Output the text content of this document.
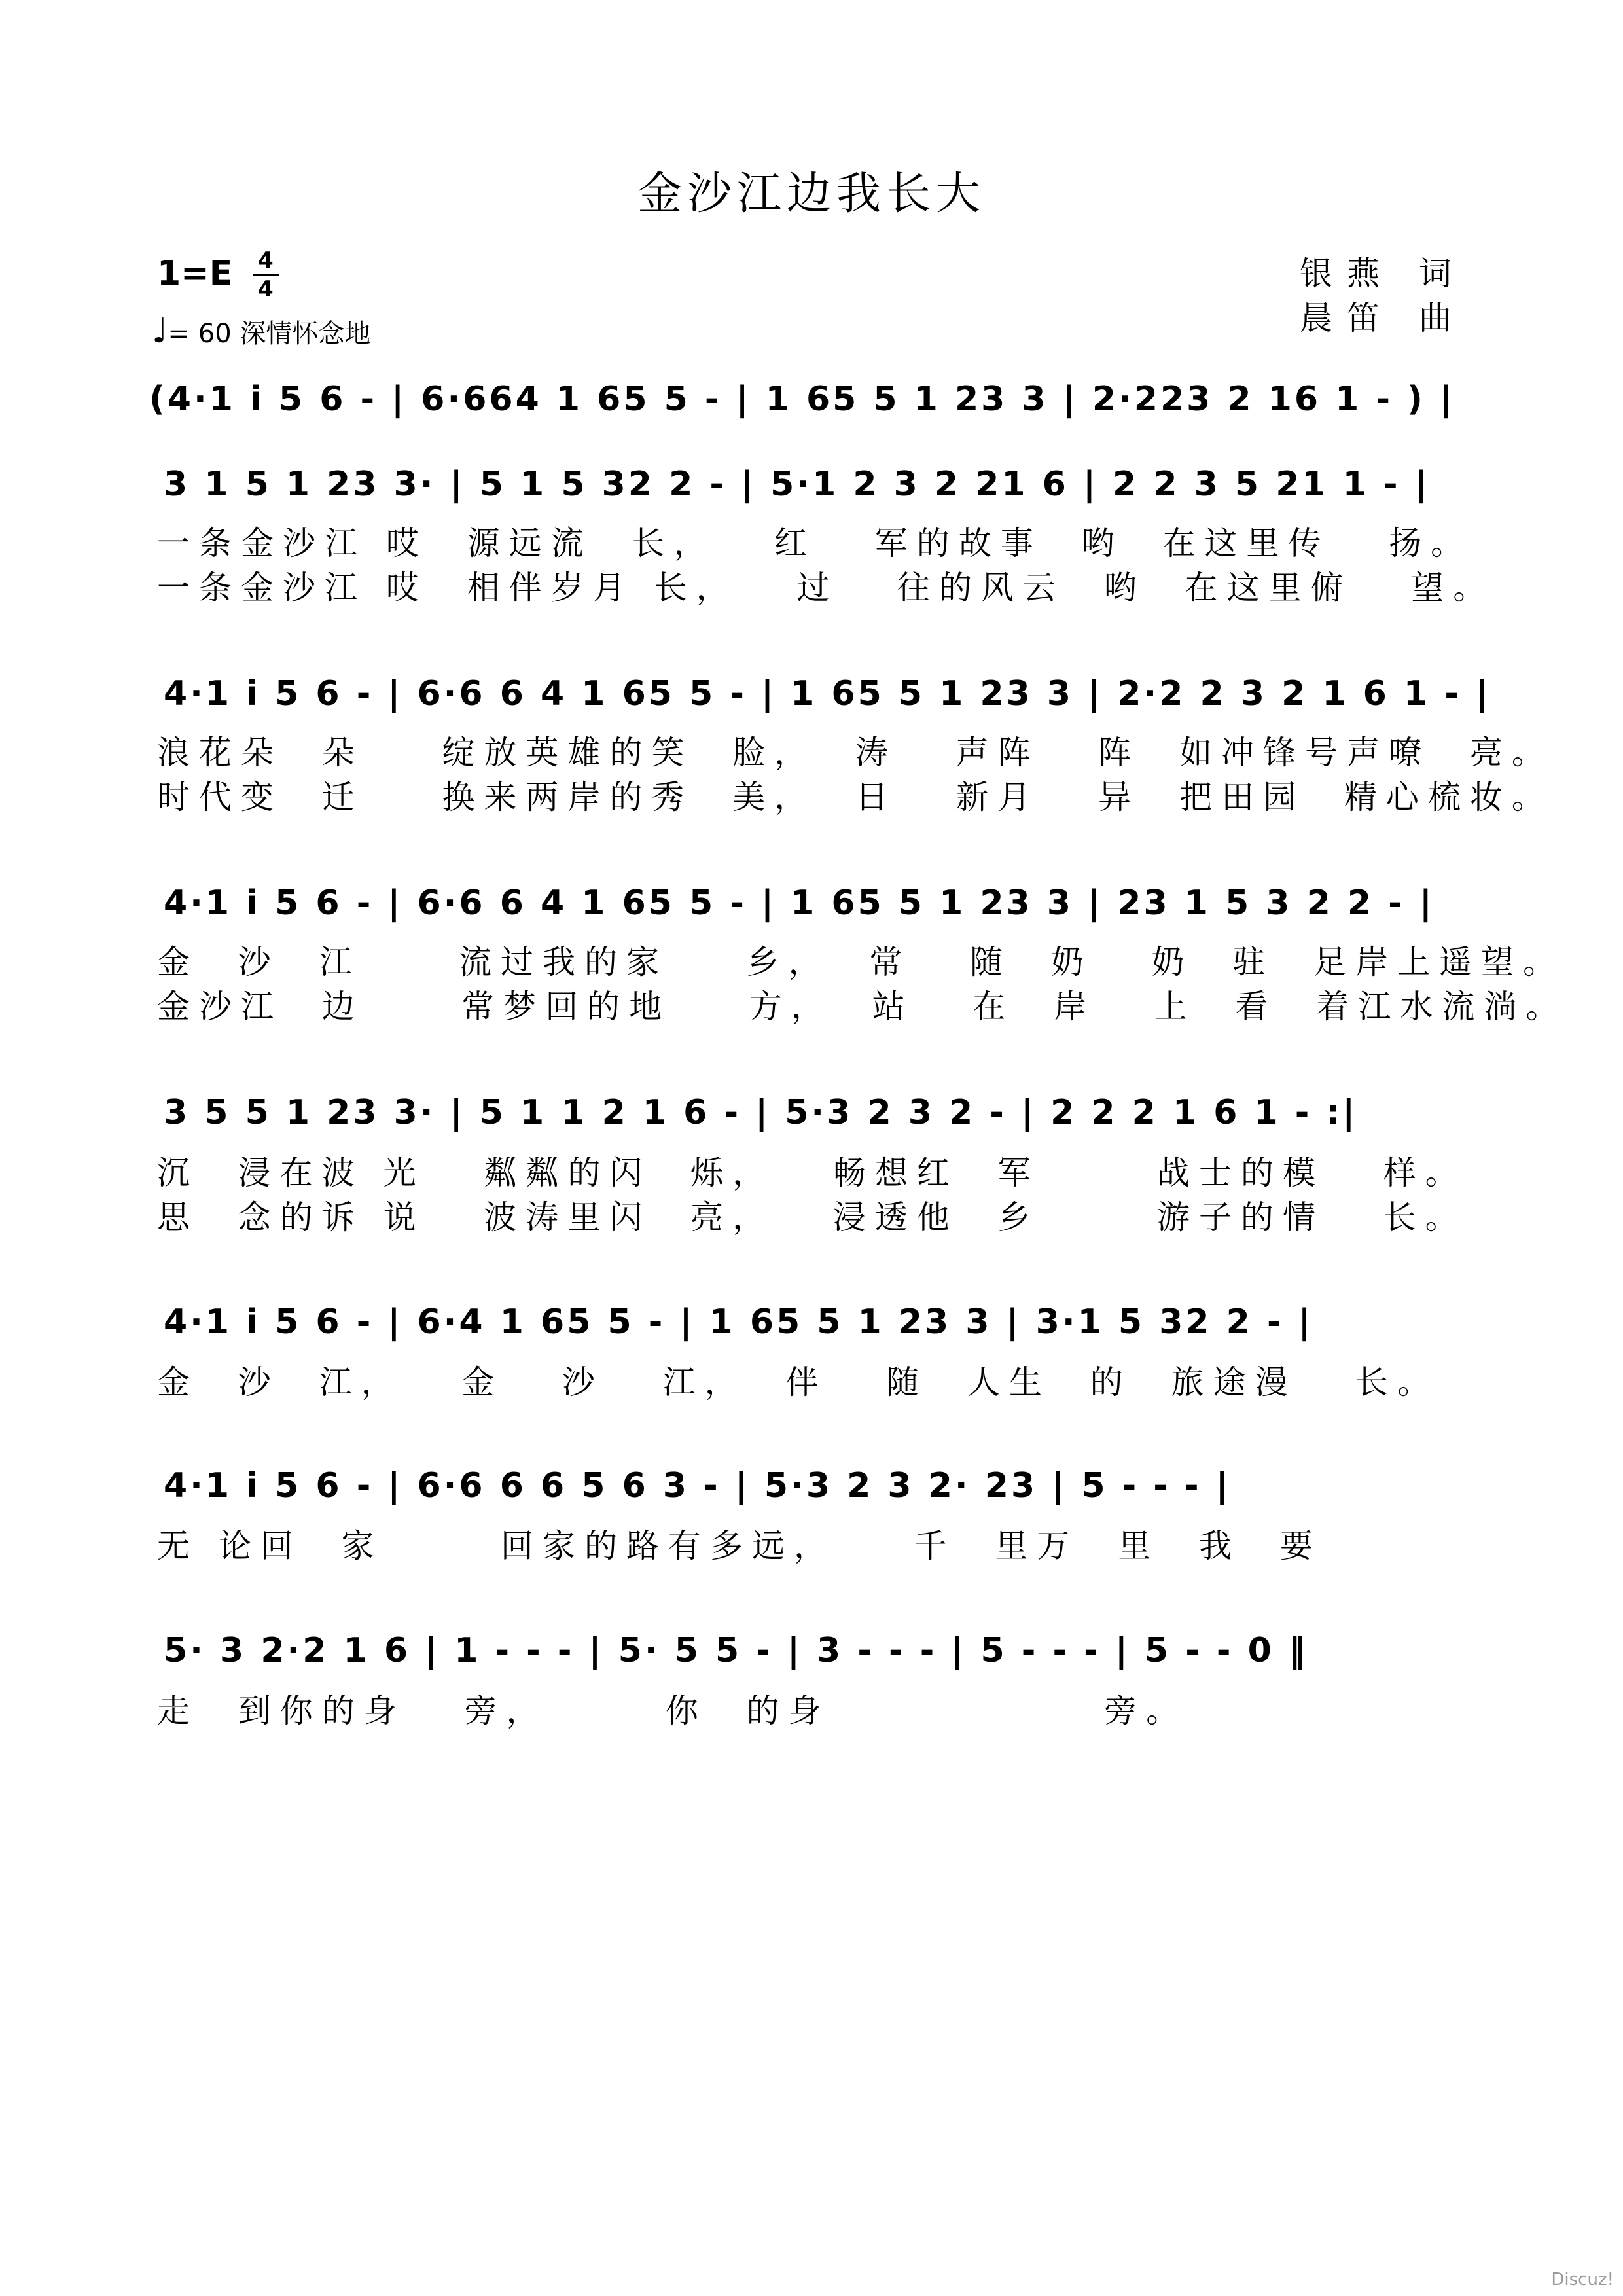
金沙江边我长大
1=E 4
4
♩= 60 深情怀念地
银燕 词
晨笛 曲
(4·1 i 5 6 - | 6·664 1 65 5 - | 1 65 5 1 23 3 | 2·223 2 16 1 - ) |
3 1 5 1 23 3· | 5 1 5 32 2 - | 5·1 2 3 2 21 6 | 2 2 3 5 21 1 - |
一条金沙江 哎  源远流  长，   红   军的故事  哟  在这里传   扬。
一条金沙江 哎  相伴岁月 长，   过   往的风云  哟  在这里俯   望。
4·1 i 5 6 - | 6·6 6 4 1 65 5 - | 1 65 5 1 23 3 | 2·2 2 3 2 1 6 1 - |
浪花朵  朵    绽放英雄的笑  脸，  涛   声阵   阵  如冲锋号声嘹  亮。
时代变  迁    换来两岸的秀  美，  日   新月   异  把田园  精心梳妆。
4·1 i 5 6 - | 6·6 6 4 1 65 5 - | 1 65 5 1 23 3 | 23 1 5 3 2 2 - |
金  沙  江     流过我的家    乡，  常   随  奶   奶  驻  足岸上遥望。
金沙江  边     常梦回的地    方，  站   在  岸   上  看  着江水流淌。
3 5 5 1 23 3· | 5 1 1 2 1 6 - | 5·3 2 3 2 - | 2 2 2 1 6 1 - :|
沉  浸在波 光   粼粼的闪  烁，   畅想红  军      战士的模   样。
思  念的诉 说   波涛里闪  亮，   浸透他  乡      游子的情   长。
4·1 i 5 6 - | 6·4 1 65 5 - | 1 65 5 1 23 3 | 3·1 5 32 2 - |
金  沙  江，   金   沙   江，  伴   随  人生  的  旅途漫   长。
4·1 i 5 6 - | 6·6 6 6 5 6 3 - | 5·3 2 3 2· 23 | 5 - - - |
无 论回  家      回家的路有多远，    千  里万  里  我  要
5· 3 2·2 1 6 | 1 - - - | 5· 5 5 - | 3 - - - | 5 - - - | 5 - - 0 ‖
走  到你的身   旁，      你  的身              旁。
Discuz!
